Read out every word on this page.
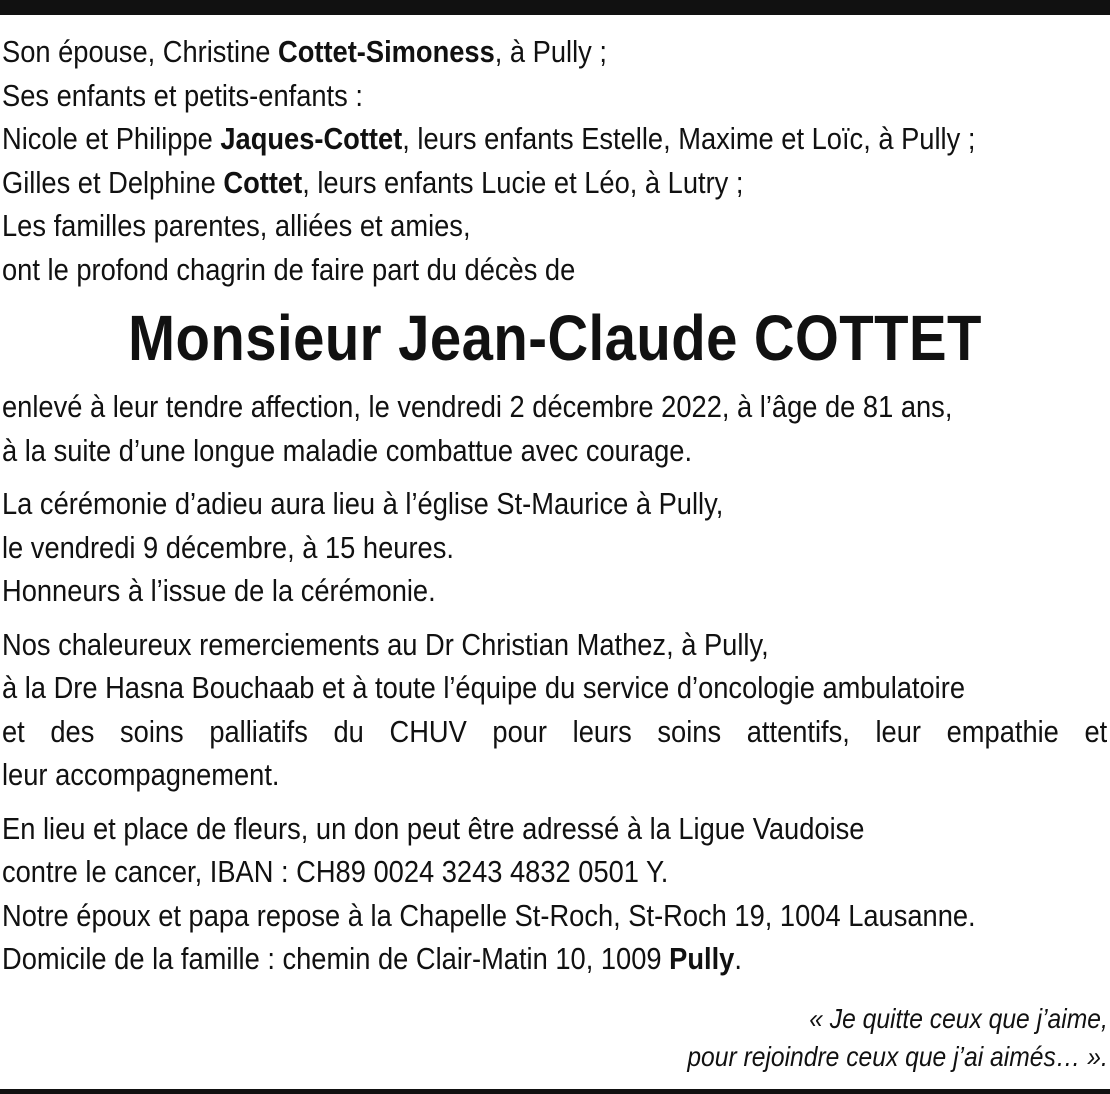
Son épouse, Christine Cottet-Simoness, à Pully ;
Ses enfants et petits-enfants :
Nicole et Philippe Jaques-Cottet, leurs enfants Estelle, Maxime et Loïc, à Pully ;
Gilles et Delphine Cottet, leurs enfants Lucie et Léo, à Lutry ;
Les familles parentes, alliées et amies,
ont le profond chagrin de faire part du décès de
Monsieur Jean-Claude COTTET
enlevé à leur tendre affection, le vendredi 2 décembre 2022, à l’âge de 81 ans,
à la suite d’une longue maladie combattue avec courage.
La cérémonie d’adieu aura lieu à l’église St-Maurice à Pully,
le vendredi 9 décembre, à 15 heures.
Honneurs à l’issue de la cérémonie.
Nos chaleureux remerciements au Dr Christian Mathez, à Pully,
à la Dre Hasna Bouchaab et à toute l’équipe du service d’oncologie ambulatoire
et des soins palliatifs du CHUV pour leurs soins attentifs, leur empathie et
leur accompagnement.
En lieu et place de fleurs, un don peut être adressé à la Ligue Vaudoise
contre le cancer, IBAN : CH89 0024 3243 4832 0501 Y.
Notre époux et papa repose à la Chapelle St-Roch, St-Roch 19, 1004 Lausanne.
Domicile de la famille : chemin de Clair-Matin 10, 1009 Pully.
« Je quitte ceux que j’aime,
pour rejoindre ceux que j’ai aimés… ».
